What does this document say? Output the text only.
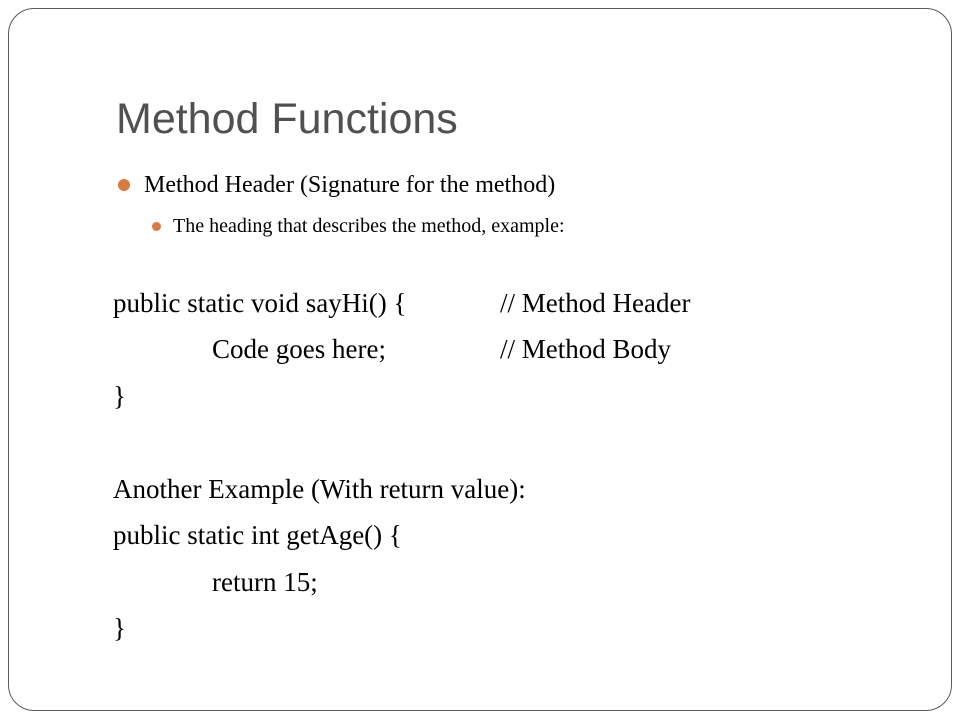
Method Functions
Method Header (Signature for the method)
The heading that describes the method, example:
public static void sayHi() {	// Method Header
Code goes here;	// Method Body
}
Another Example (With return value):
public static int getAge() {
return 15;
}
